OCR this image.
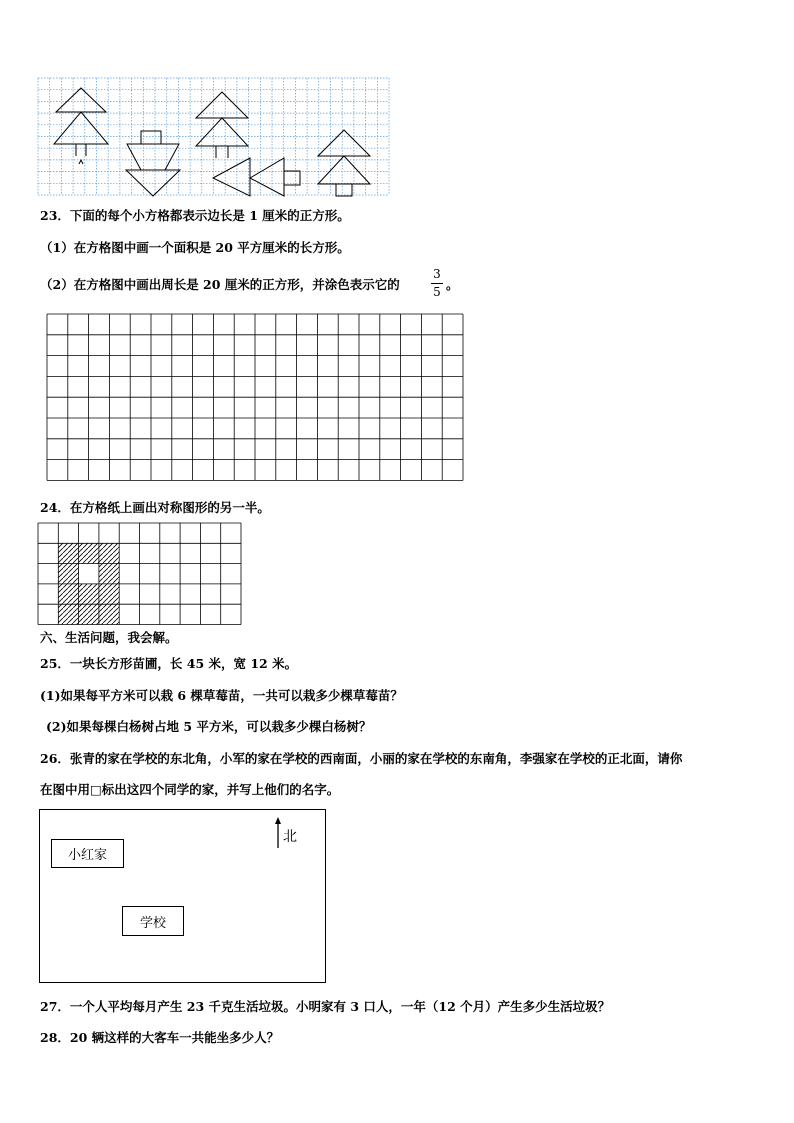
23．下面的每个小方格都表示边长是 1 厘米的正方形。
（1）在方格图中画一个面积是 20 平方厘米的长方形。
（2）在方格图中画出周长是 20 厘米的正方形，并涂色表示它的
3
5 。
24．在方格纸上画出对称图形的另一半。
六、生活问题，我会解。
25．一块长方形苗圃，长 45 米，宽 12 米。
(1)如果每平方米可以栽 6 棵草莓苗，一共可以栽多少棵草莓苗？
(2)如果每棵白杨树占地 5 平方米，可以栽多少棵白杨树？
26．张青的家在学校的东北角，小军的家在学校的西南面，小丽的家在学校的东南角，李强家在学校的正北面，请你
在图中用□标出这四个同学的家，并写上他们的名字。
小红家
学校
北
27．一个人平均每月产生 23 千克生活垃圾。小明家有 3 口人，一年（12 个月）产生多少生活垃圾？
28．20 辆这样的大客车一共能坐多少人？
